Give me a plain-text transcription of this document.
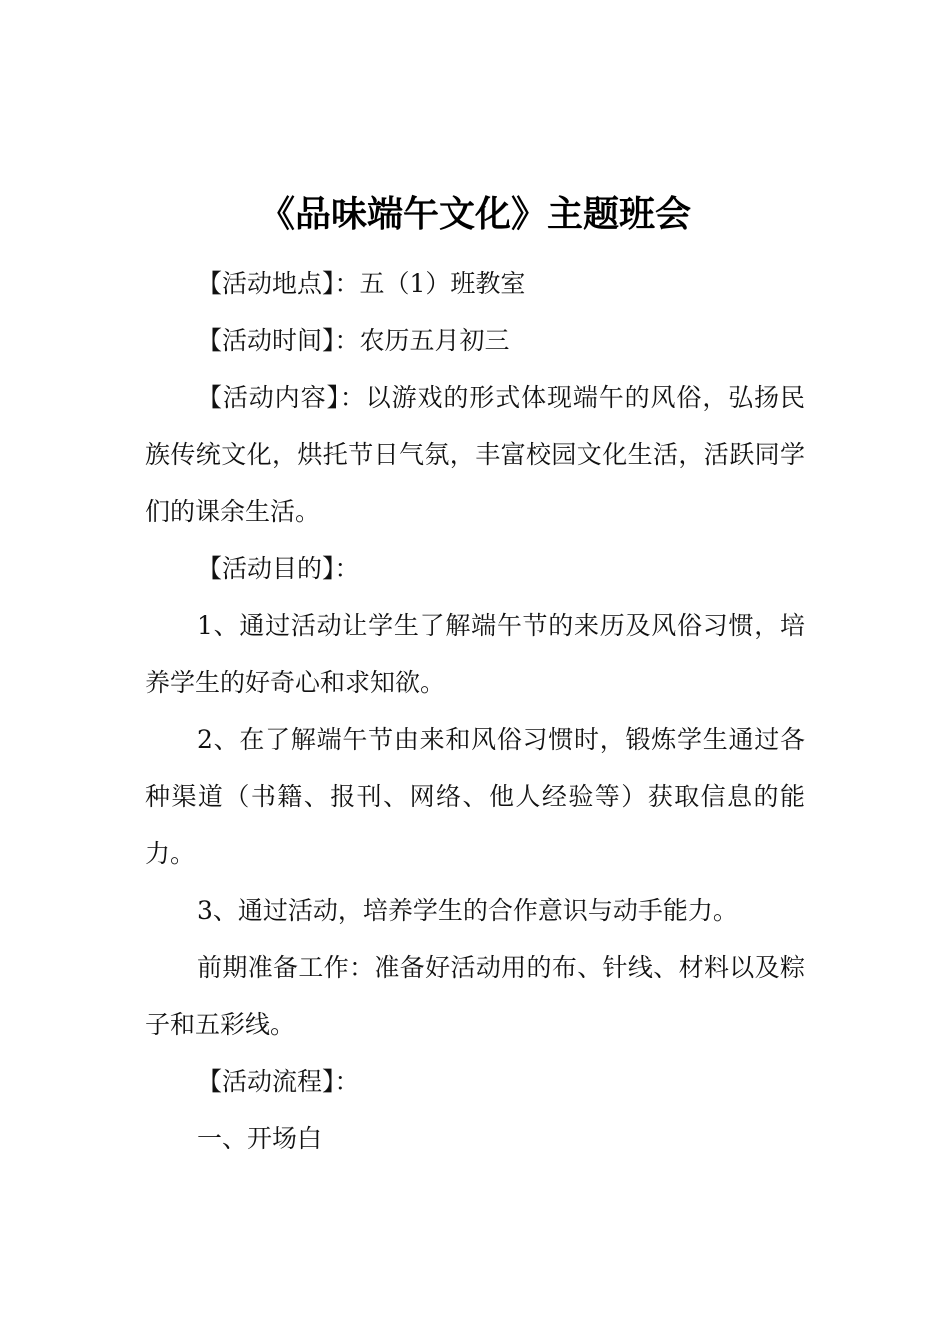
《品味端午文化》主题班会

【活动地点】：五（1）班教室

【活动时间】：农历五月初三

【活动内容】：以游戏的形式体现端午的风俗，弘扬民族传统文化，烘托节日气氛，丰富校园文化生活，活跃同学们的课余生活。

【活动目的】：

1、通过活动让学生了解端午节的来历及风俗习惯，培养学生的好奇心和求知欲。

2、在了解端午节由来和风俗习惯时，锻炼学生通过各种渠道（书籍、报刊、网络、他人经验等）获取信息的能力。

3、通过活动，培养学生的合作意识与动手能力。

前期准备工作：准备好活动用的布、针线、材料以及粽子和五彩线。

【活动流程】：

一、开场白
